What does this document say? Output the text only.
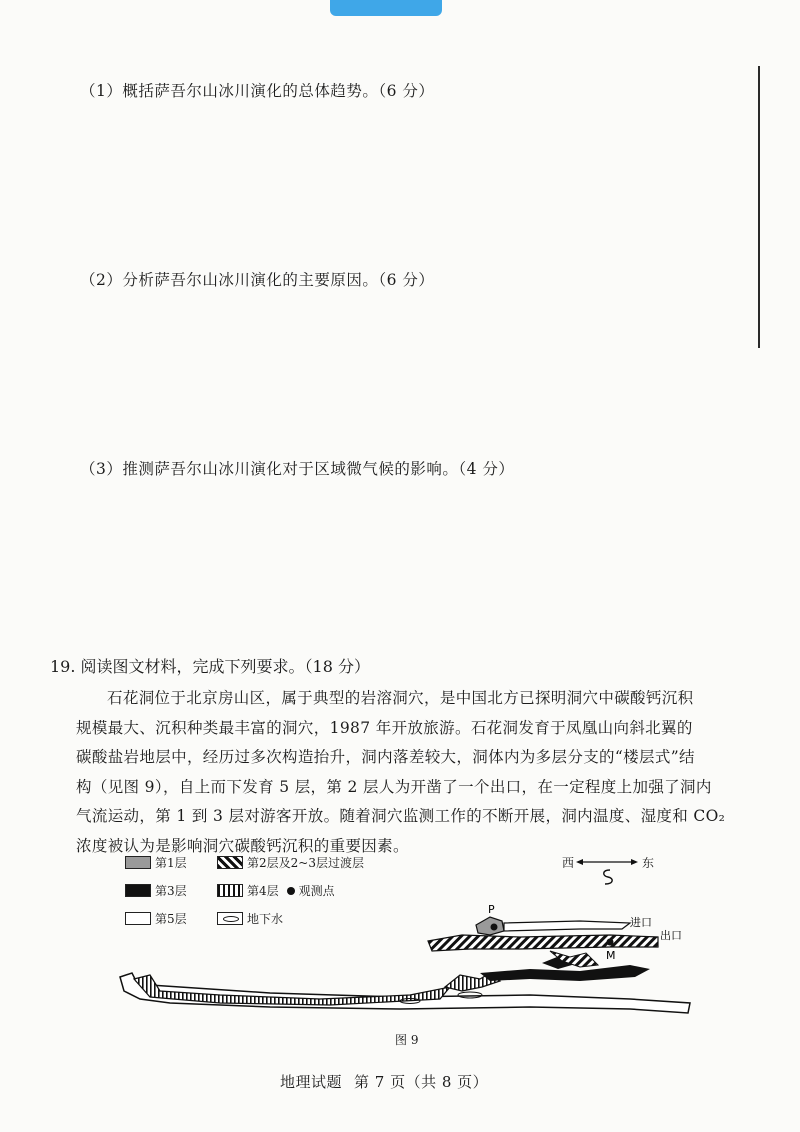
（1）概括萨吾尔山冰川演化的总体趋势。（6 分）
（2）分析萨吾尔山冰川演化的主要原因。（6 分）
（3）推测萨吾尔山冰川演化对于区域微气候的影响。（4 分）
19. 阅读图文材料，完成下列要求。（18 分）
石花洞位于北京房山区，属于典型的岩溶洞穴，是中国北方已探明洞穴中碳酸钙沉积
规模最大、沉积种类最丰富的洞穴，1987 年开放旅游。石花洞发育于凤凰山向斜北翼的
碳酸盐岩地层中，经历过多次构造抬升，洞内落差较大，洞体内为多层分支的“楼层式”结
构（见图 9），自上而下发育 5 层，第 2 层人为开凿了一个出口，在一定程度上加强了洞内
气流运动，第 1 到 3 层对游客开放。随着洞穴监测工作的不断开展，洞内温度、湿度和 CO₂
浓度被认为是影响洞穴碳酸钙沉积的重要因素。
第1层	第2层及2~3层过渡层
第3层	第4层 观测点
第5层	地下水
西	东
P
M
进口
出口
图 9
地理试题 第 7 页（共 8 页）
